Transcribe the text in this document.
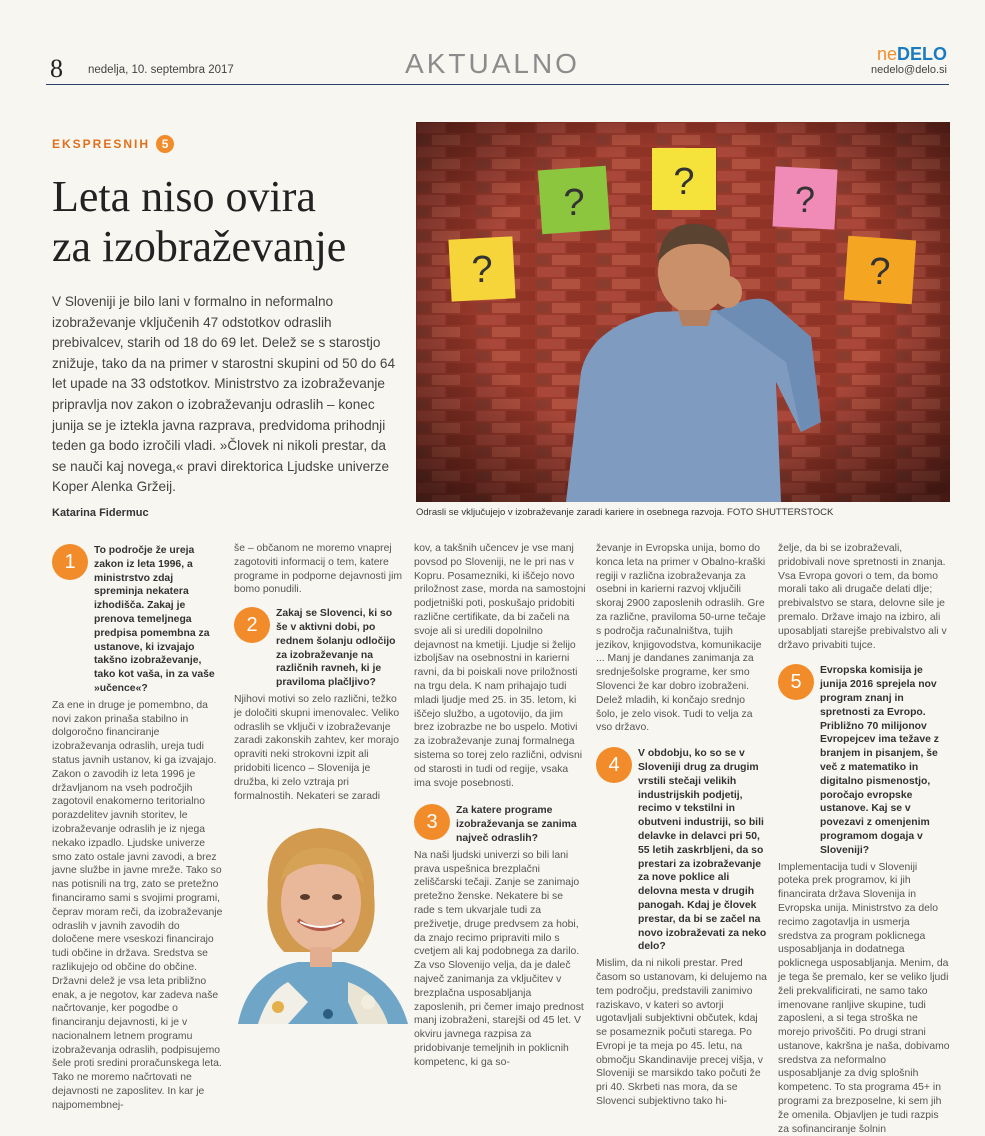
8 nedelja, 10. septembra 2017	AKTUALNO	neDELO
nedelo@delo.si
EKSPRESNIH 5
Leta niso ovira
za izobraževanje
V Sloveniji je bilo lani v formalno in neformalno izobraževanje vključenih 47 odstotkov odraslih prebivalcev, starih od 18 do 69 let. Delež se s starostjo znižuje, tako da na primer v starostni skupini od 50 do 64 let upade na 33 odstotkov. Ministrstvo za izobraževanje pripravlja nov zakon o izobraževanju odraslih – konec junija se je iztekla javna razprava, predvidoma prihodnji teden ga bodo izročili vladi. »Človek ni nikoli prestar, da se nauči kaj novega,« pravi direktorica Ljudske univerze Koper Alenka Gržeij.
Katarina Fidermuc
?
? ?	?
?
Odrasli se vključujejo v izobraževanje zaradi kariere in osebnega razvoja. FOTO SHUTTERSTOCK
1
To področje že ureja zakon iz leta 1996, a ministrstvo zdaj spreminja nekatera izhodišča. Zakaj je prenova temeljnega predpisa pomembna za ustanove, ki izvajajo takšno izobraževanje, tako kot vaša, in za vaše »učence«?

Za ene in druge je pomembno, da novi zakon prinaša stabilno in dolgoročno financiranje izobraževanja odraslih, ureja tudi status javnih ustanov, ki ga izvajajo. Zakon o zavodih iz leta 1996 je državljanom na vseh področjih zagotovil enakomerno teritorialno porazdelitev javnih storitev, le izobraževanje odraslih je iz njega nekako izpadlo. Ljudske univerze smo zato ostale javni zavodi, a brez javne službe in javne mreže. Tako so nas potisnili na trg, zato se pretežno financiramo sami s svojimi programi, čeprav moram reči, da izobraževanje odraslih v javnih zavodih do določene mere vseskozi financirajo tudi občine in država. Sredstva se razlikujejo od občine do občine. Državni delež je vsa leta približno enak, a je negotov, kar zadeva naše načrtovanje, ker pogodbe o financiranju dejavnosti, ki je v nacionalnem letnem programu izobraževanja odraslih, podpisujemo šele proti sredini proračunskega leta. Tako ne moremo načrtovati ne dejavnosti ne zaposlitev. In kar je najpomembnej-

še – občanom ne moremo vnaprej zagotoviti informacij o tem, katere programe in podporne dejavnosti jim bomo ponudili.

2
Zakaj se Slovenci, ki so še v aktivni dobi, po rednem šolanju odločijo za izobraževanje na različnih ravneh, ki je praviloma plačljivo?

Njihovi motivi so zelo različni, težko je določiti skupni imenovalec. Veliko odraslih se vključi v izobraževanje zaradi zakonskih zahtev, ker morajo opraviti neki strokovni izpit ali pridobiti licenco – Slovenija je družba, ki zelo vztraja pri formalnostih. Nekateri se zaradi

kov, a takšnih učencev je vse manj povsod po Sloveniji, ne le pri nas v Kopru. Posamezniki, ki iščejo novo priložnost zase, morda na samostojni podjetniški poti, poskušajo pridobiti različne certifikate, da bi začeli na svoje ali si uredili dopolnilno dejavnost na kmetiji. Ljudje si želijo izboljšav na osebnostni in karierni ravni, da bi poiskali nove priložnosti na trgu dela. K nam prihajajo tudi mladi ljudje med 25. in 35. letom, ki iščejo službo, a ugotovijo, da jim brez izobrazbe ne bo uspelo. Motivi za izobraževanje zunaj formalnega sistema so torej zelo različni, odvisni od starosti in tudi od regije, vsaka ima svoje posebnosti.

3
Za katere programe izobraževanja se zanima največ odraslih?

Na naši ljudski univerzi so bili lani prava uspešnica brezplačni zeliščarski tečaji. Zanje se zanimajo pretežno ženske. Nekatere bi se rade s tem ukvarjale tudi za preživetje, druge predvsem za hobi, da znajo recimo pripraviti milo s cvetjem ali kaj podobnega za darilo. Za vso Slovenijo velja, da je daleč največ zanimanja za vključitev v brezplačna usposabljanja zaposlenih, pri čemer imajo prednost manj izobraženi, starejši od 45 let. V okviru javnega razpisa za pridobivanje temeljnih in poklicnih kompetenc, ki ga so-

ževanje in Evropska unija, bomo do konca leta na primer v Obalno-kraški regiji v različna izobraževanja za osebni in karierni razvoj vključili skoraj 2900 zaposlenih odraslih. Gre za različne, praviloma 50-urne tečaje s področja računalništva, tujih jezikov, knjigovodstva, komunikacije ... Manj je dandanes zanimanja za srednješolske programe, ker smo Slovenci že kar dobro izobraženi. Delež mladih, ki končajo srednjo šolo, je zelo visok. Tudi to velja za vso državo.

4
V obdobju, ko so se v Sloveniji drug za drugim vrstili stečaji velikih industrijskih podjetij, recimo v tekstilni in obutveni industriji, so bili delavke in delavci pri 50, 55 letih zaskrbljeni, da so prestari za izobraževanje za nove poklice ali delovna mesta v drugih panogah. Kdaj je človek prestar, da bi se začel na novo izobraževati za neko delo?

Mislim, da ni nikoli prestar. Pred časom so ustanovam, ki delujemo na tem področju, predstavili zanimivo raziskavo, v kateri so avtorji ugotavljali subjektivni občutek, kdaj se posameznik počuti starega. Po Evropi je ta meja po 45. letu, na območju Skandinavije precej višja, v Sloveniji se marsikdo tako počuti že pri 40. Skrbeti nas mora, da se Slovenci subjektivno tako hi-

želje, da bi se izobraževali, pridobivali nove spretnosti in znanja. Vsa Evropa govori o tem, da bomo morali tako ali drugače delati dlje; prebivalstvo se stara, delovne sile je premalo. Države imajo na izbiro, ali uposabljati starejše prebivalstvo ali v državo privabiti tujce.

5
Evropska komisija je junija 2016 sprejela nov program znanj in spretnosti za Evropo. Približno 70 milijonov Evropejcev ima težave z branjem in pisanjem, še več z matematiko in digitalno pismenostjo, poročajo evropske ustanove. Kaj se v povezavi z omenjenim programom dogaja v Sloveniji?

Implementacija tudi v Sloveniji poteka prek programov, ki jih financirata država Slovenija in Evropska unija. Ministrstvo za delo recimo zagotavlja in usmerja sredstva za program poklicnega usposabljanja in dodatnega poklicnega usposabljanja. Menim, da je tega še premalo, ker se veliko ljudi želi prekvalificirati, ne samo tako imenovane ranljive skupine, tudi zaposleni, a si tega stroška ne morejo privoščiti. Po drugi strani ustanove, kakršna je naša, dobivamo sredstva za neformalno usposabljanje za dvig splošnih kompetenc. To sta programa 45+ in programi za brezposelne, ki sem jih že omenila. Objavljen je tudi razpis za sofinanciranje šolnin
